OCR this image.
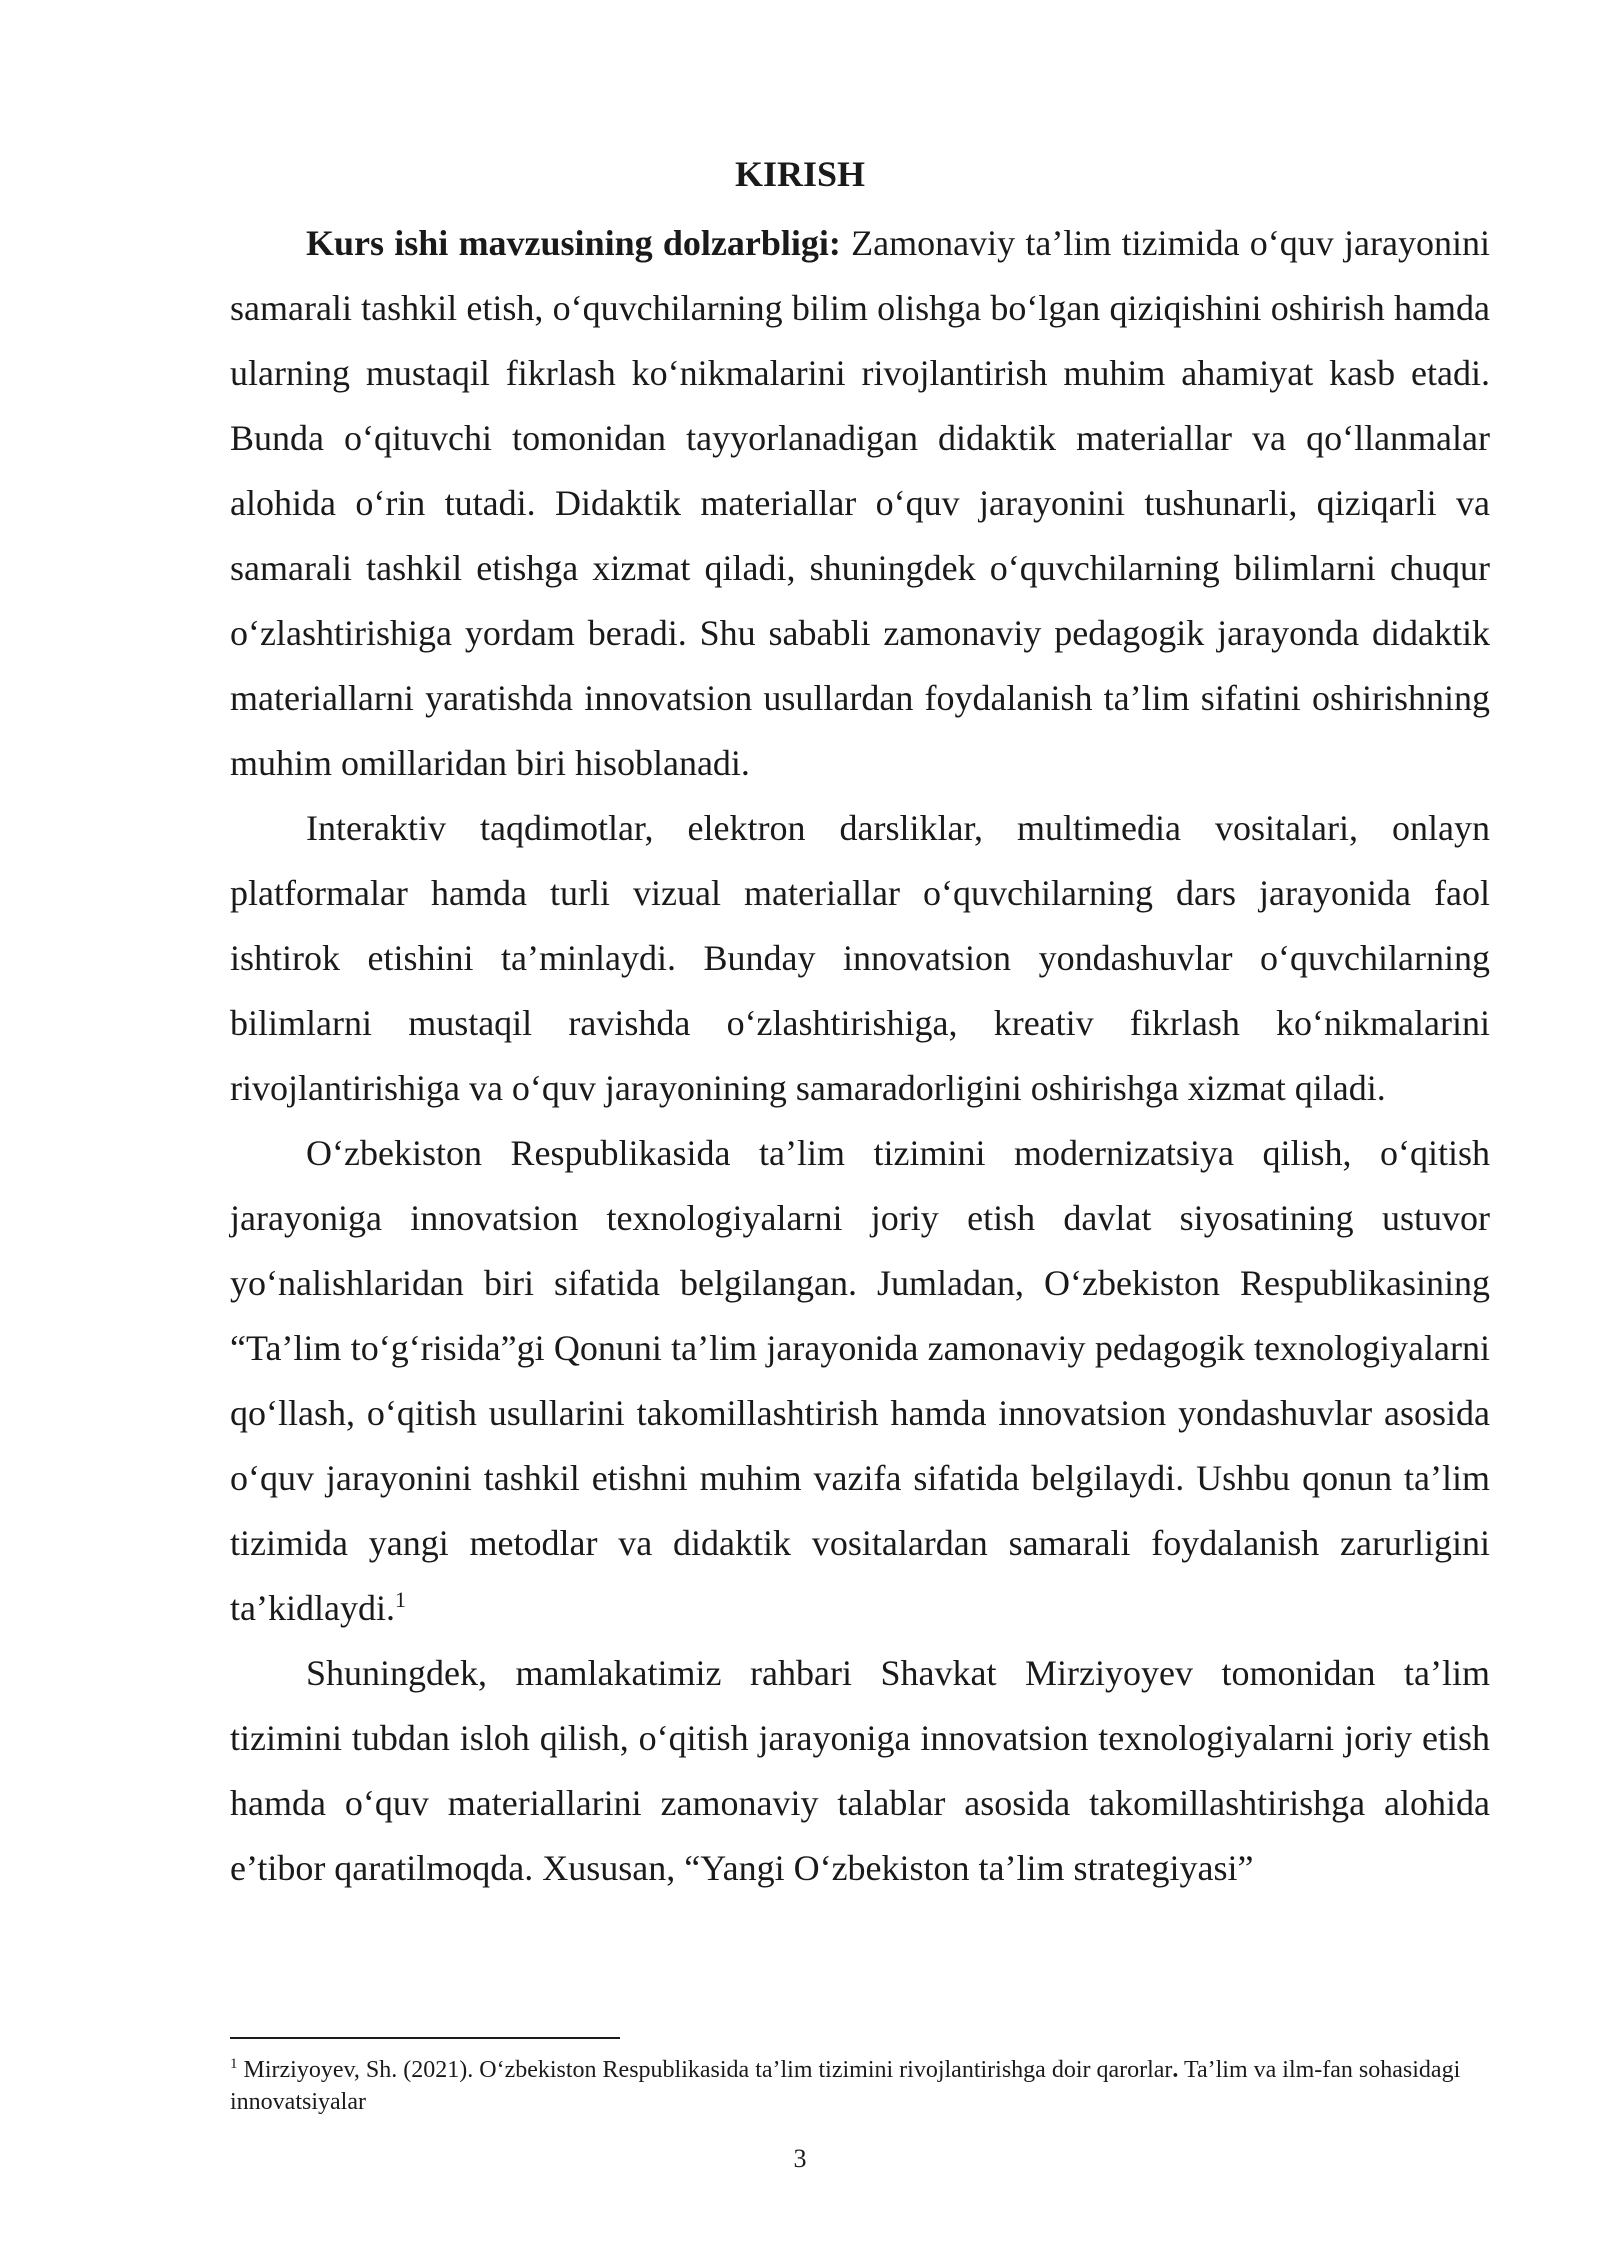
KIRISH

Kurs ishi mavzusining dolzarbligi: Zamonaviy ta’lim tizimida o‘quv jarayonini samarali tashkil etish, o‘quvchilarning bilim olishga bo‘lgan qiziqishini oshirish hamda ularning mustaqil fikrlash ko‘nikmalarini rivojlantirish muhim ahamiyat kasb etadi. Bunda o‘qituvchi tomonidan tayyorlanadigan didaktik materiallar va qo‘llanmalar alohida o‘rin tutadi. Didaktik materiallar o‘quv jarayonini tushunarli, qiziqarli va samarali tashkil etishga xizmat qiladi, shuningdek o‘quvchilarning bilimlarni chuqur o‘zlashtirishiga yordam beradi. Shu sababli zamonaviy pedagogik jarayonda didaktik materiallarni yaratishda innovatsion usullardan foydalanish ta’lim sifatini oshirishning muhim omillaridan biri hisoblanadi.

Interaktiv taqdimotlar, elektron darsliklar, multimedia vositalari, onlayn platformalar hamda turli vizual materiallar o‘quvchilarning dars jarayonida faol ishtirok etishini ta’minlaydi. Bunday innovatsion yondashuvlar o‘quvchilarning bilimlarni mustaqil ravishda o‘zlashtirishiga, kreativ fikrlash ko‘nikmalarini rivojlantirishiga va o‘quv jarayonining samaradorligini oshirishga xizmat qiladi.

O‘zbekiston Respublikasida ta’lim tizimini modernizatsiya qilish, o‘qitish jarayoniga innovatsion texnologiyalarni joriy etish davlat siyosatining ustuvor yo‘nalishlaridan biri sifatida belgilangan. Jumladan, O‘zbekiston Respublikasining “Ta’lim to‘g‘risida”gi Qonuni ta’lim jarayonida zamonaviy pedagogik texnologiyalarni qo‘llash, o‘qitish usullarini takomillashtirish hamda innovatsion yondashuvlar asosida o‘quv jarayonini tashkil etishni muhim vazifa sifatida belgilaydi. Ushbu qonun ta’lim tizimida yangi metodlar va didaktik vositalardan samarali foydalanish zarurligini ta’kidlaydi.$^1$

Shuningdek, mamlakatimiz rahbari Shavkat Mirziyoyev tomonidan ta’lim tizimini tubdan isloh qilish, o‘qitish jarayoniga innovatsion texnologiyalarni joriy etish hamda o‘quv materiallarini zamonaviy talablar asosida takomillashtirishga alohida e’tibor qaratilmoqda. Xususan, “Yangi O‘zbekiston ta’lim strategiyasi”

$^1$ Mirziyoyev, Sh. (2021). O‘zbekiston Respublikasida ta’lim tizimini rivojlantirishga doir qarorlar. Ta’lim va ilm-fan sohasidagi innovatsiyalar

3
